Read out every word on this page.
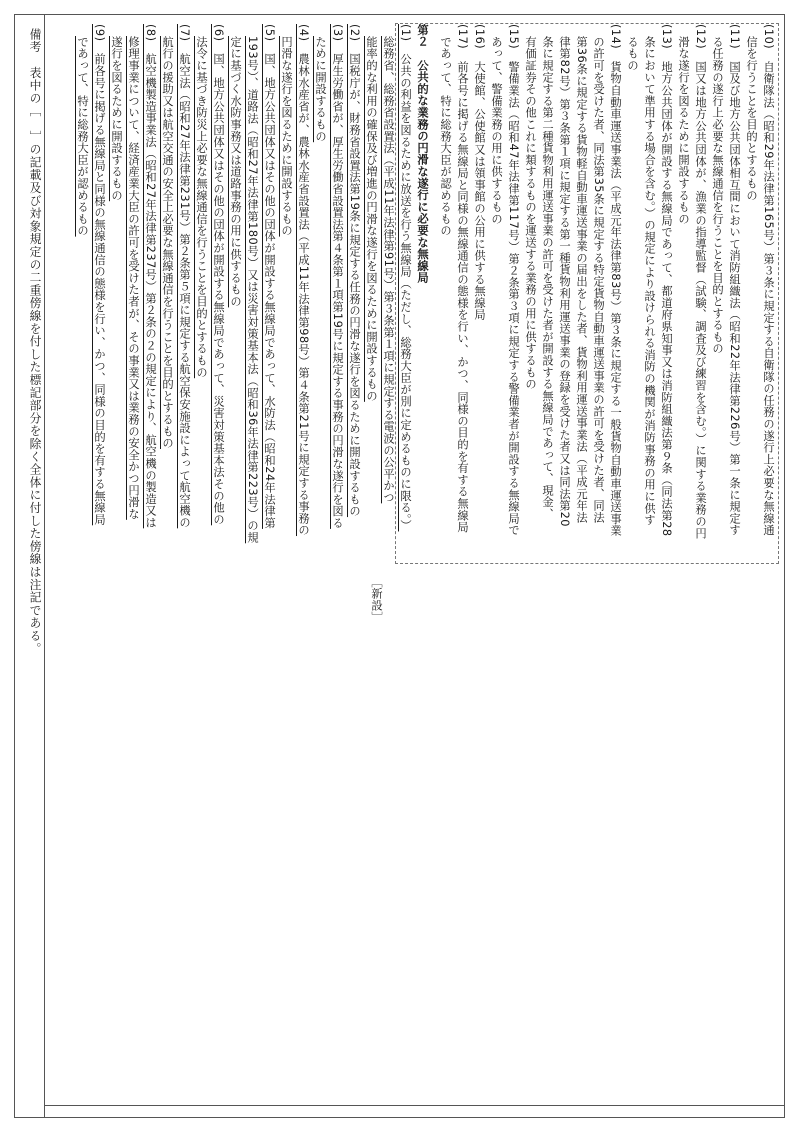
(10)　自衛隊法（昭和29年法律第165号）第３条に規定する自衛隊の任務の遂行上必要な無線通
信を行うことを目的とするもの
(11)　国及び地方公共団体相互間において消防組織法（昭和22年法律第226号）第一条に規定す
る任務の遂行上必要な無線通信を行うことを目的とするもの
(12)　国又は地方公共団体が、漁業の指導監督（試験、調査及び練習を含む。）に関する業務の円
滑な遂行を図るために開設するもの
(13)　地方公共団体が開設する無線局であって、都道府県知事又は消防組織法第９条（同法第28
条において準用する場合を含む。）の規定により設けられる消防の機関が消防事務の用に供す
るもの
(14)　貨物自動車運送事業法（平成元年法律第83号）第３条に規定する一般貨物自動車運送事業
の許可を受けた者、同法第35条に規定する特定貨物自動車運送事業の許可を受けた者、同法
第36条に規定する貨物軽自動車運送事業の届出をした者、貨物利用運送事業法（平成元年法
律第82号）第３条第１項に規定する第一種貨物利用運送事業の登録を受けた者又は同法第20
条に規定する第二種貨物利用運送事業の許可を受けた者が開設する無線局であって、現金、
有価証券その他これに類するものを運送する業務の用に供するもの
(15)　警備業法（昭和47年法律第117号）第２条第３項に規定する警備業者が開設する無線局で
あって、警備業務の用に供するもの
(16)　大使館、公使館又は領事館の公用に供する無線局
(17)　前各号に掲げる無線局と同様の無線通信の態様を行い、かつ、同様の目的を有する無線局
であって、特に総務大臣が認めるもの
第２　公共的な業務の円滑な遂行に必要な無線局
(1)　公共の利益を図るために放送を行う無線局（ただし、総務大臣が別に定めるものに限る。）
総務省、総務省設置法（平成11年法律第91号）第３条第１項に規定する電波の公平かつ
能率的な利用の確保及び増進の円滑な遂行を図るために開設するもの
(2)　国税庁が、財務省設置法第19条に規定する任務の円滑な遂行を図るために開設するもの
(3)　厚生労働省が、厚生労働省設置法第４条第１項第19号に規定する事務の円滑な遂行を図る
ために開設するもの
(4)　農林水産省が、農林水産省設置法（平成11年法律第98号）第４条第21号に規定する事務の
円滑な遂行を図るために開設するもの
(5)　国、地方公共団体又はその他の団体が開設する無線局であって、水防法（昭和24年法律第
193号）、道路法（昭和27年法律第180号）又は災害対策基本法（昭和36年法律第223号）の規
定に基づく水防事務又は道路事務の用に供するもの
(6)　国、地方公共団体又はその他の団体が開設する無線局であって、災害対策基本法その他の
法令に基づき防災上必要な無線通信を行うことを目的とするもの
(7)　航空法（昭和27年法律第231号）第２条第５項に規定する航空保安施設によって航空機の
航行の援助又は航空交通の安全上必要な無線通信を行うことを目的とするもの
(8)　航空機製造事業法（昭和27年法律第237号）第２条の２の規定により、航空機の製造又は
修理事業について、経済産業大臣の許可を受けた者が、その事業又は業務の安全かつ円滑な
遂行を図るために開設するもの
(9)　前各号に掲げる無線局と同様の無線通信の態様を行い、かつ、同様の目的を有する無線局
であって、特に総務大臣が認めるもの
［新設］
備考　表中の［　］の記載及び対象規定の二重傍線を付した標記部分を除く全体に付した傍線は注記である。
